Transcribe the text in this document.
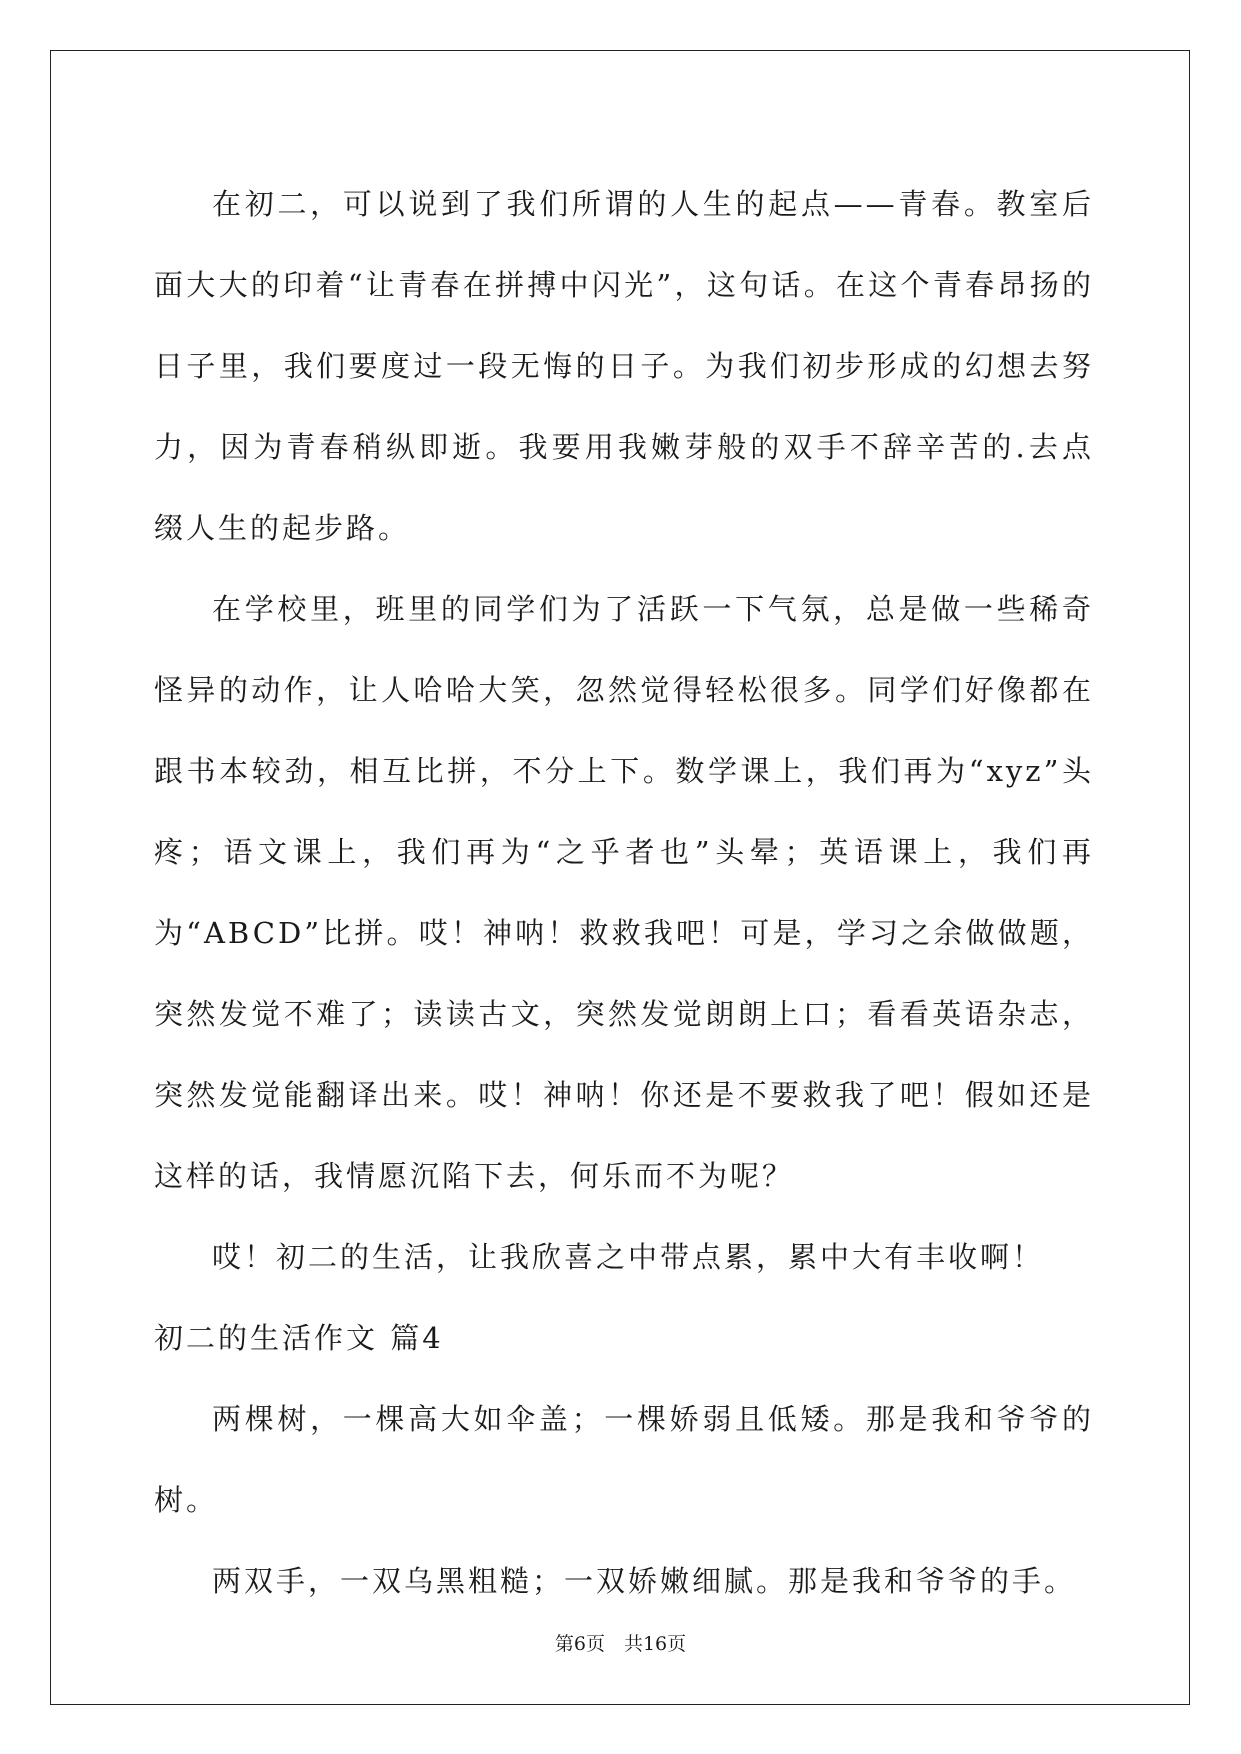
在初二，可以说到了我们所谓的人生的起点——青春。教室后面大大的印着“让青春在拼搏中闪光”，这句话。在这个青春昂扬的日子里，我们要度过一段无悔的日子。为我们初步形成的幻想去努力，因为青春稍纵即逝。我要用我嫩芽般的双手不辞辛苦的.去点缀人生的起步路。

在学校里，班里的同学们为了活跃一下气氛，总是做一些稀奇怪异的动作，让人哈哈大笑，忽然觉得轻松很多。同学们好像都在跟书本较劲，相互比拼，不分上下。数学课上，我们再为“xyz”头疼；语文课上，我们再为“之乎者也”头晕；英语课上，我们再为“ABCD”比拼。哎！神呐！救救我吧！可是，学习之余做做题，突然发觉不难了；读读古文，突然发觉朗朗上口；看看英语杂志，突然发觉能翻译出来。哎！神呐！你还是不要救我了吧！假如还是这样的话，我情愿沉陷下去，何乐而不为呢？

哎！初二的生活，让我欣喜之中带点累，累中大有丰收啊！

初二的生活作文 篇4

两棵树，一棵高大如伞盖；一棵娇弱且低矮。那是我和爷爷的树。

两双手，一双乌黑粗糙；一双娇嫩细腻。那是我和爷爷的手。

第6页　共16页
